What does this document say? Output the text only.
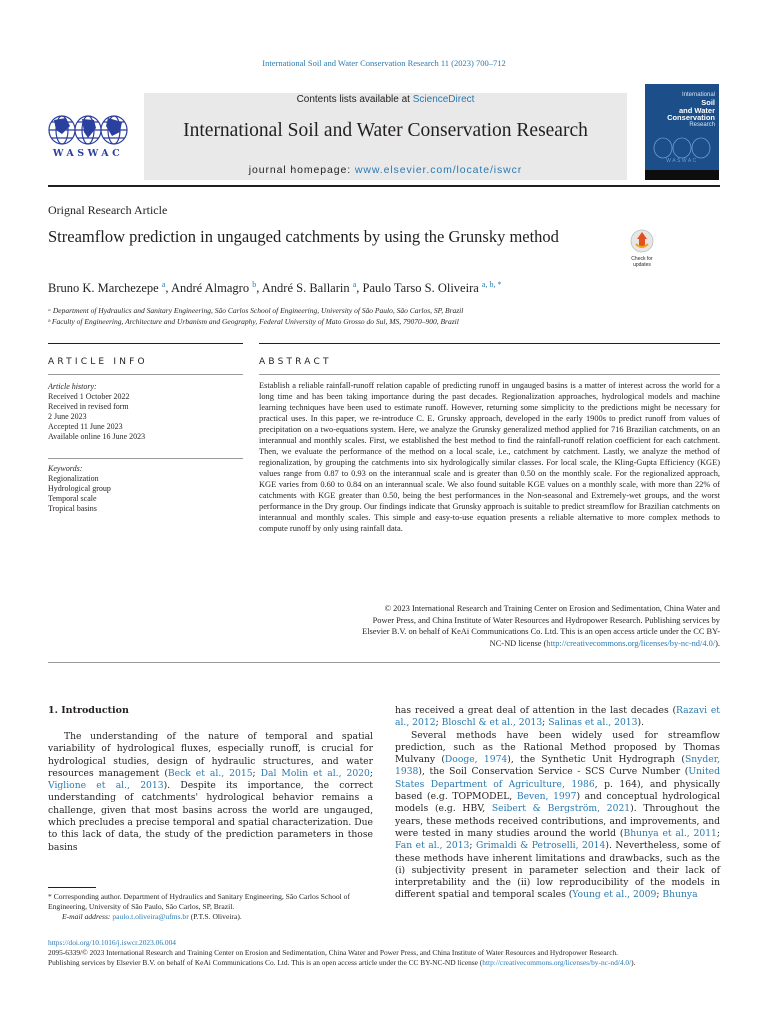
International Soil and Water Conservation Research 11 (2023) 700–712
Contents lists available at ScienceDirect
International Soil and Water Conservation Research
journal homepage: www.elsevier.com/locate/iswcr
WASWAC
International
Soil
and Water
Conservation
Research
WASWAC
Orignal Research Article
Streamflow prediction in ungauged catchments by using the Grunsky method
Check for updates
Bruno K. Marchezepe $^a$, André Almagro $^b$, André S. Ballarin $^a$, Paulo Tarso S. Oliveira $^{a, b, *}$
ᵃ Department of Hydraulics and Sanitary Engineering, São Carlos School of Engineering, University of São Paulo, São Carlos, SP, Brazil
ᵇ Faculty of Engineering, Architecture and Urbanism and Geography, Federal University of Mato Grosso do Sul, MS, 79070–900, Brazil
ARTICLE INFO	ABSTRACT
Article history:
Received 1 October 2022
Received in revised form
2 June 2023
Accepted 11 June 2023
Available online 16 June 2023
Keywords:
Regionalization
Hydrological group
Temporal scale
Tropical basins
Establish a reliable rainfall-runoff relation capable of predicting runoff in ungauged basins is a matter of interest across the world for a long time and has been taking importance during the past decades. Regionalization approaches, hydrological models and machine learning techniques have been used to estimate runoff. However, returning some simplicity to the predictions might be necessary for practical uses. In this paper, we re-introduce C. E. Grunsky approach, developed in the early 1900s to predict runoff from values of precipitation on a two-equations system. Here, we analyze the Grunsky generalized method applied for 716 Brazilian catchments, on an interannual and monthly scales. First, we established the best method to find the rainfall-runoff relation coefficient for each catchment. Then, we evaluate the performance of the method on a local scale, i.e., catchment by catchment. Lastly, we analyze the method of regionalization, by grouping the catchments into six hydrologically similar classes. For local scale, the Kling-Gupta Efficiency (KGE) values range from 0.87 to 0.93 on the interannual scale and is greater than 0.50 on the monthly scale. For the regionalized approach, KGE varies from 0.60 to 0.84 on an interannual scale. We also found suitable KGE values on a monthly scale, with more than 22% of catchments with KGE greater than 0.50, being the best performances in the Non-seasonal and Extremely-wet groups, and the worst performance in the Dry group. Our findings indicate that Grunsky approach is suitable to predict streamflow for Brazilian catchments on interannual and monthly scales. This simple and easy-to-use equation presents a reliable alternative to more complex methods to compute runoff by only using rainfall data.
© 2023 International Research and Training Center on Erosion and Sedimentation, China Water and
Power Press, and China Institute of Water Resources and Hydropower Research. Publishing services by
Elsevier B.V. on behalf of KeAi Communications Co. Ltd. This is an open access article under the CC BY-
NC-ND license (http://creativecommons.org/licenses/by-nc-nd/4.0/).
1. Introduction

The understanding of the nature of temporal and spatial variability of hydrological fluxes, especially runoff, is crucial for hydrological studies, design of hydraulic structures, and water resources management (Beck et al., 2015; Dal Molin et al., 2020; Viglione et al., 2013). Despite its importance, the correct understanding of catchments' hydrological behavior remains a challenge, given that most basins across the world are ungauged, which precludes a precise temporal and spatial characterization. Due to this lack of data, the study of the prediction parameters in those basins

has received a great deal of attention in the last decades (Razavi et al., 2012; Bloschl & et al., 2013; Salinas et al., 2013).

Several methods have been widely used for streamflow prediction, such as the Rational Method proposed by Thomas Mulvany (Dooge, 1974), the Synthetic Unit Hydrograph (Snyder, 1938), the Soil Conservation Service - SCS Curve Number (United States Department of Agriculture, 1986, p. 164), and physically based (e.g. TOPMODEL, Beven, 1997) and conceptual hydrological models (e.g. HBV, Seibert & Bergström, 2021). Throughout the years, these methods received contributions, and improvements, and were tested in many studies around the world (Bhunya et al., 2011; Fan et al., 2013; Grimaldi & Petroselli, 2014). Nevertheless, some of these methods have inherent limitations and drawbacks, such as the (i) subjectivity present in parameter selection and their lack of interpretability and the (ii) low reproducibility of the models in different spatial and temporal scales (Young et al., 2009; Bhunya

* Corresponding author. Department of Hydraulics and Sanitary Engineering, São Carlos School of Engineering, University of São Paulo, São Carlos, SP, Brazil.
E-mail address: paulo.t.oliveira@ufms.br (P.T.S. Oliveira).
https://doi.org/10.1016/j.iswcr.2023.06.004
2095-6339/© 2023 International Research and Training Center on Erosion and Sedimentation, China Water and Power Press, and China Institute of Water Resources and Hydropower Research.
Publishing services by Elsevier B.V. on behalf of KeAi Communications Co. Ltd. This is an open access article under the CC BY-NC-ND license (http://creativecommons.org/licenses/by-nc-nd/4.0/).
